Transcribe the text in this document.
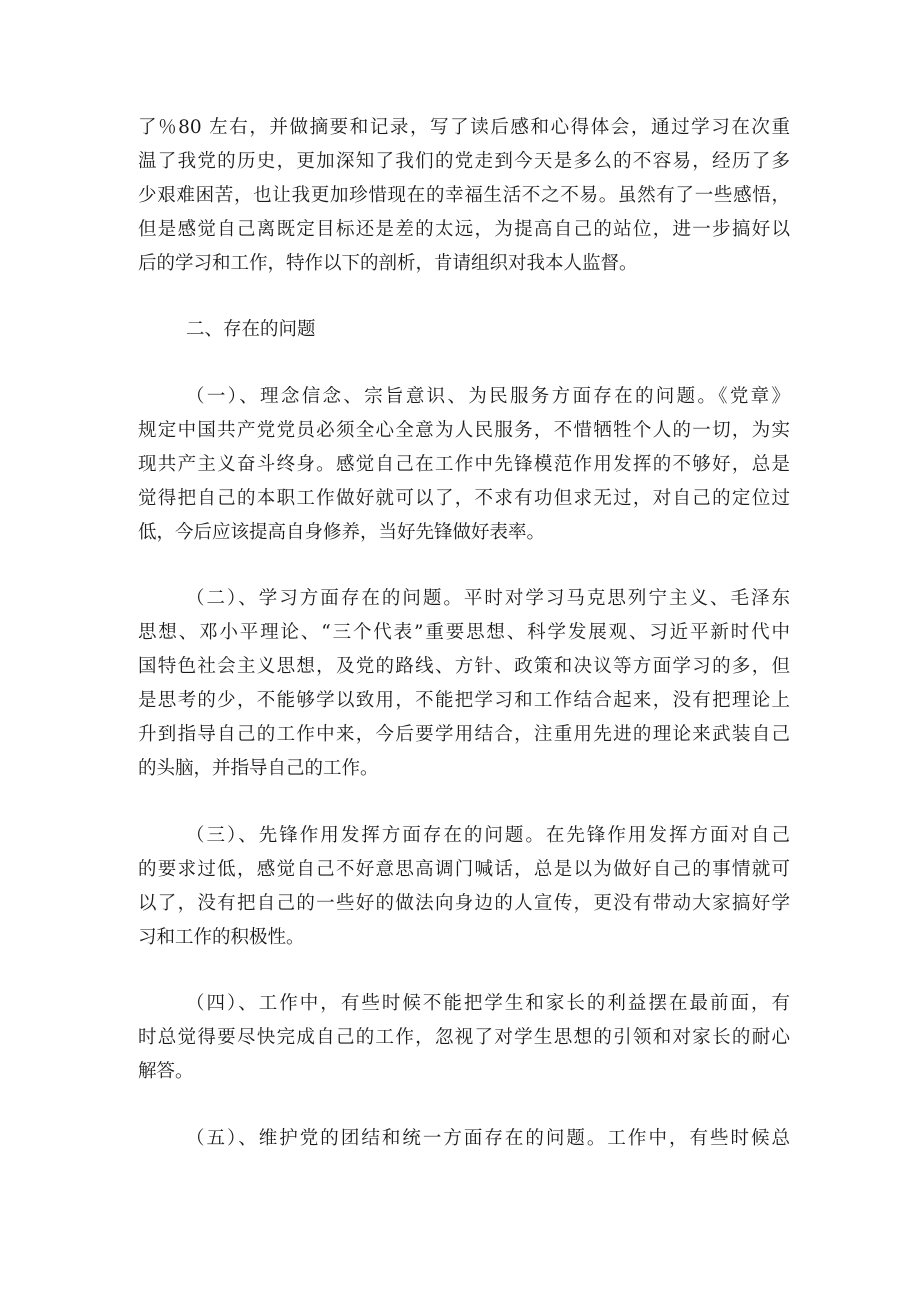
了％80 左右，并做摘要和记录，写了读后感和心得体会，通过学习在次重
温了我党的历史，更加深知了我们的党走到今天是多么的不容易，经历了多
少艰难困苦，也让我更加珍惜现在的幸福生活不之不易。虽然有了一些感悟，
但是感觉自己离既定目标还是差的太远，为提高自己的站位，进一步搞好以
后的学习和工作，特作以下的剖析，肯请组织对我本人监督。
二、存在的问题
（一）、理念信念、宗旨意识、为民服务方面存在的问题。《党章》
规定中国共产党党员必须全心全意为人民服务，不惜牺牲个人的一切，为实
现共产主义奋斗终身。感觉自己在工作中先锋模范作用发挥的不够好，总是
觉得把自己的本职工作做好就可以了，不求有功但求无过，对自己的定位过
低，今后应该提高自身修养，当好先锋做好表率。
（二）、学习方面存在的问题。平时对学习马克思列宁主义、毛泽东
思想、邓小平理论、“三个代表”重要思想、科学发展观、习近平新时代中
国特色社会主义思想，及党的路线、方针、政策和决议等方面学习的多，但
是思考的少，不能够学以致用，不能把学习和工作结合起来，没有把理论上
升到指导自己的工作中来，今后要学用结合，注重用先进的理论来武装自己
的头脑，并指导自己的工作。
（三）、先锋作用发挥方面存在的问题。在先锋作用发挥方面对自己
的要求过低，感觉自己不好意思高调门喊话，总是以为做好自己的事情就可
以了，没有把自己的一些好的做法向身边的人宣传，更没有带动大家搞好学
习和工作的积极性。
（四）、工作中，有些时候不能把学生和家长的利益摆在最前面，有
时总觉得要尽快完成自己的工作，忽视了对学生思想的引领和对家长的耐心
解答。
（五）、维护党的团结和统一方面存在的问题。工作中，有些时候总
